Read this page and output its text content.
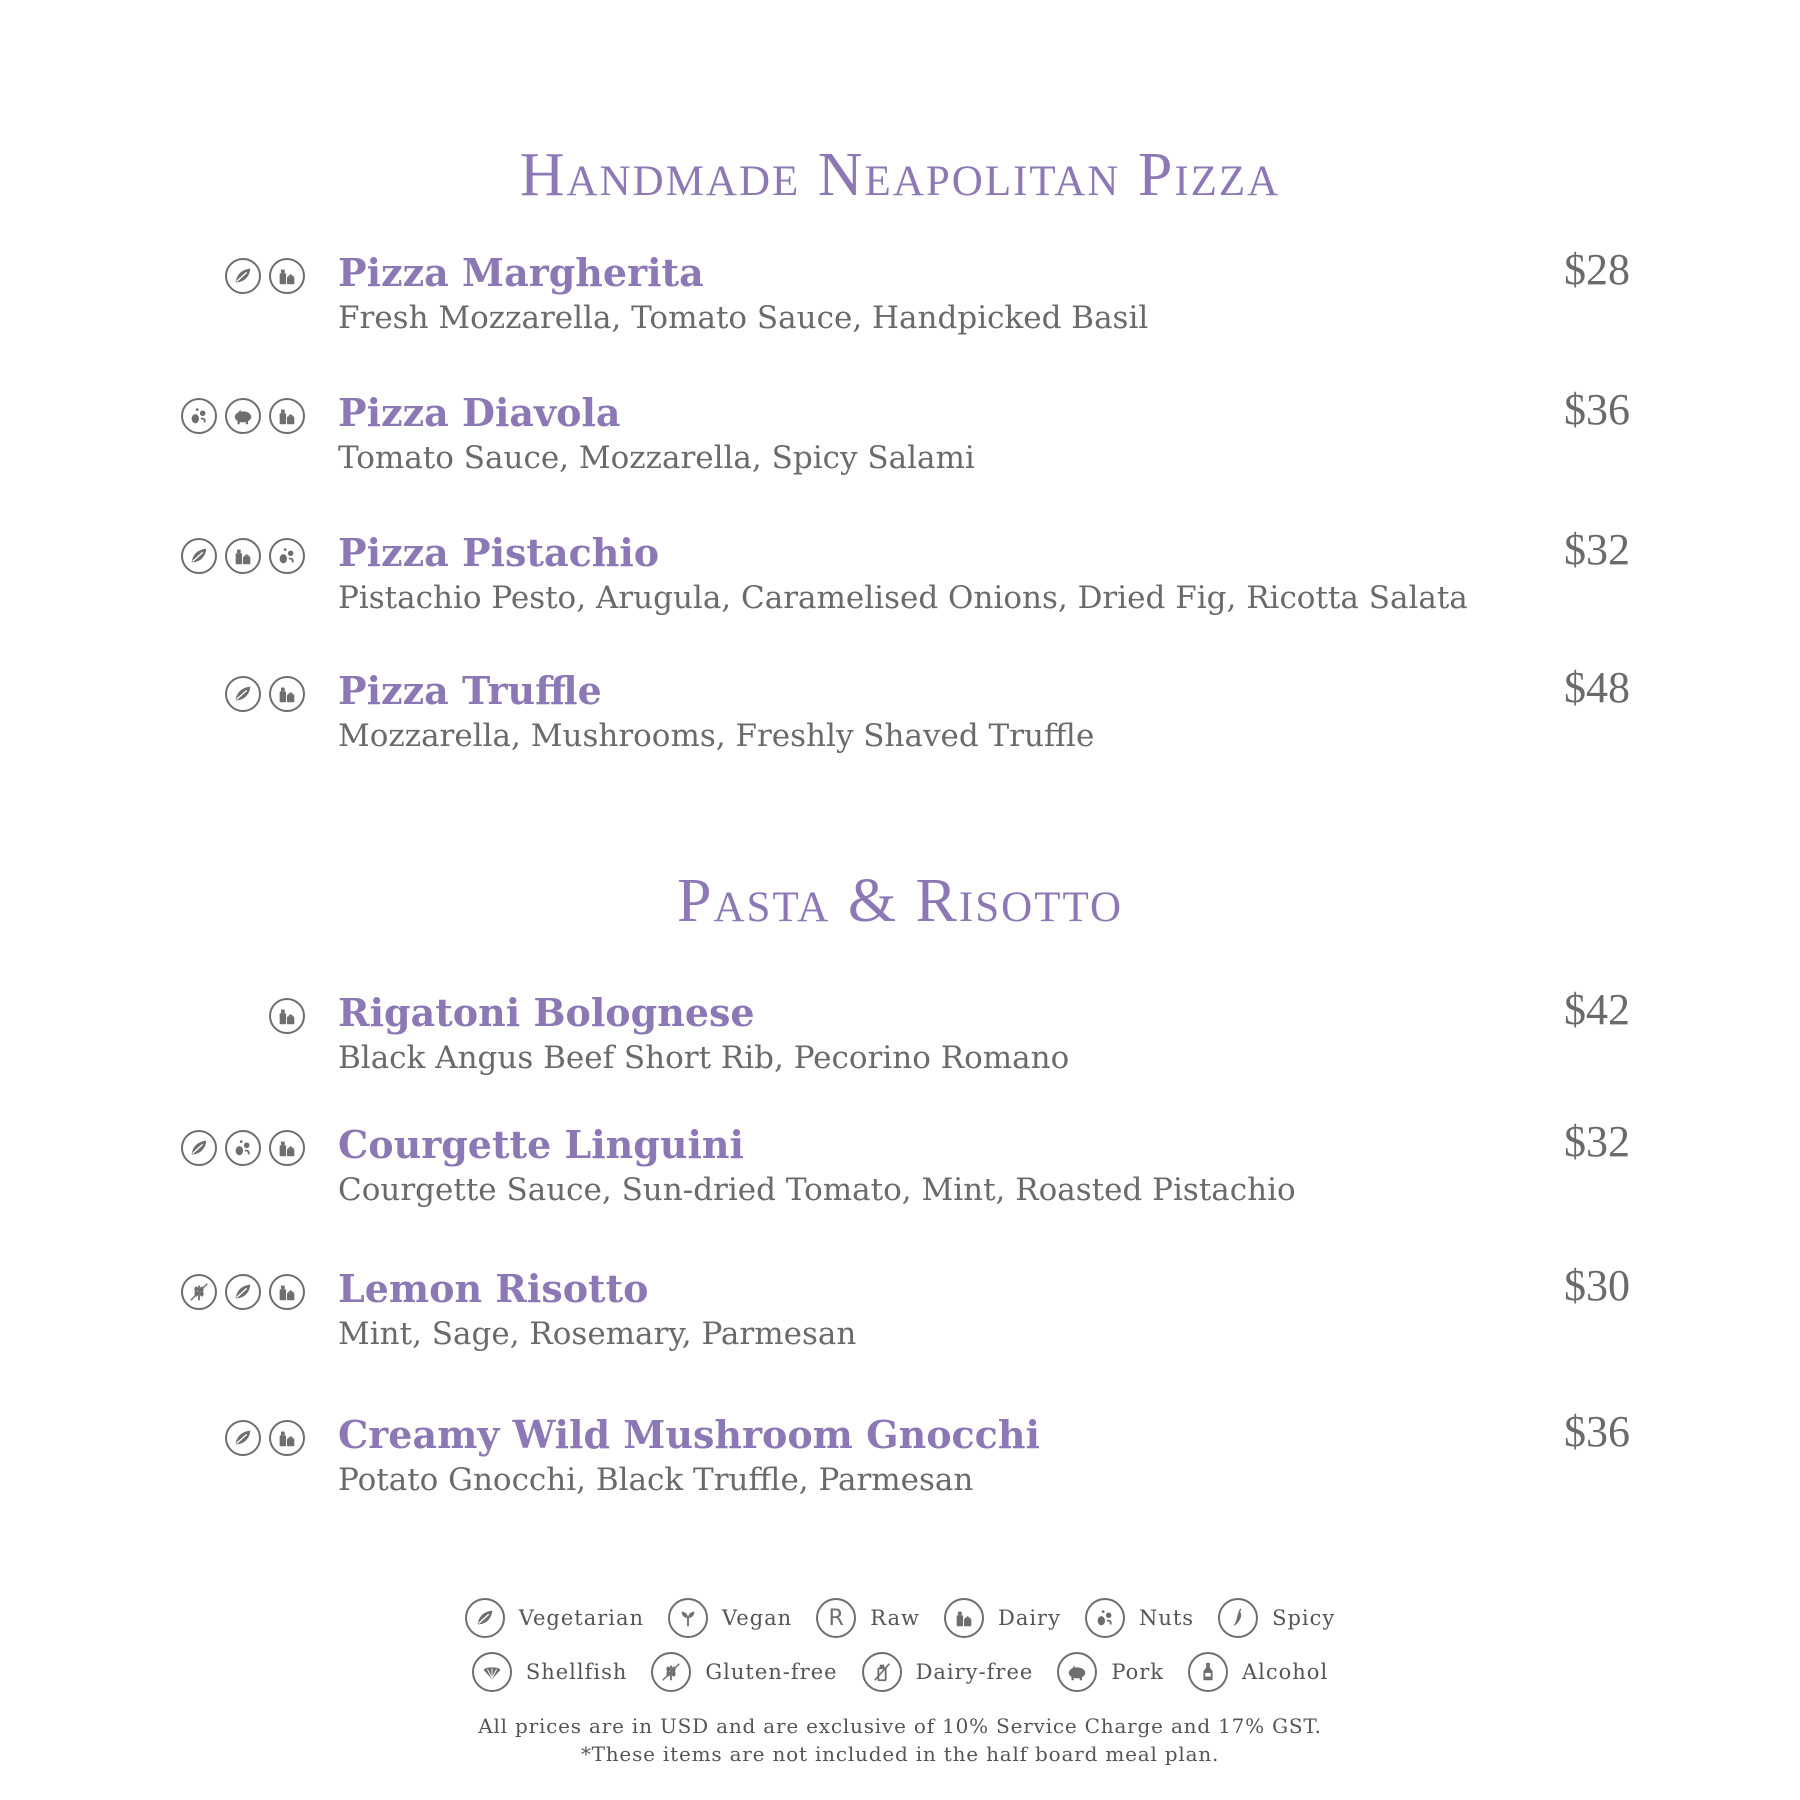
Handmade Neapolitan Pizza
Pizza Margherita
Fresh Mozzarella, Tomato Sauce, Handpicked Basil
$28
Pizza Diavola
Tomato Sauce, Mozzarella, Spicy Salami
$36
Pizza Pistachio
Pistachio Pesto, Arugula, Caramelised Onions, Dried Fig, Ricotta Salata
$32
Pizza Truffle
Mozzarella, Mushrooms, Freshly Shaved Truffle
$48
Pasta & Risotto
Rigatoni Bolognese
Black Angus Beef Short Rib, Pecorino Romano
$42
Courgette Linguini
Courgette Sauce, Sun-dried Tomato, Mint, Roasted Pistachio
$32
Lemon Risotto
Mint, Sage, Rosemary, Parmesan
$30
Creamy Wild Mushroom Gnocchi
Potato Gnocchi, Black Truffle, Parmesan
$36
Vegetarian	Vegan R Raw	Dairy	Nuts	Spicy
Shellfish	Gluten-free	Dairy-free	Pork	Alcohol
All prices are in USD and are exclusive of 10% Service Charge and 17% GST.
*These items are not included in the half board meal plan.
